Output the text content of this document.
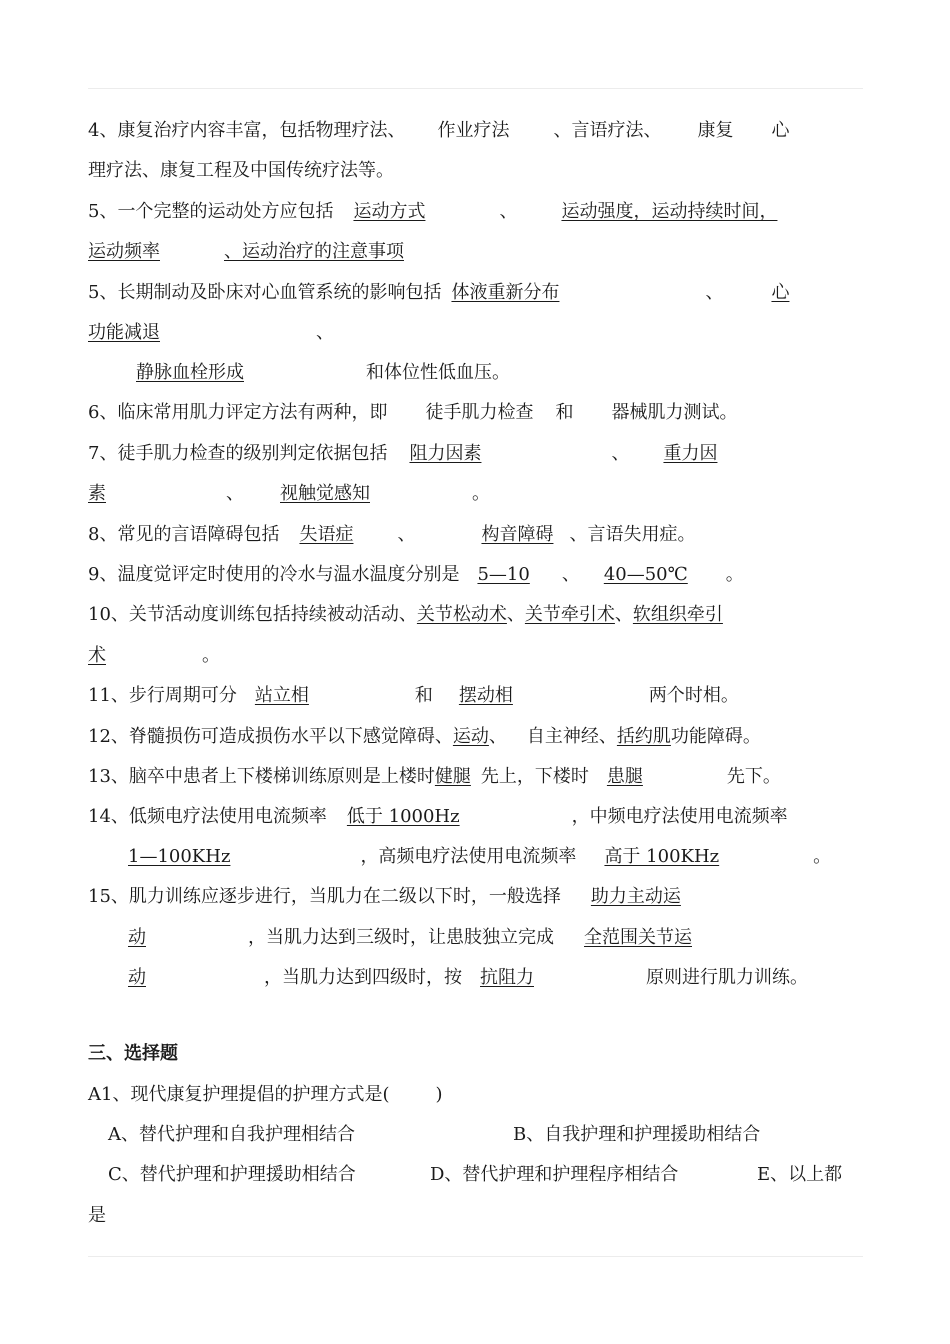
4、康复治疗内容丰富，包括物理疗法、 作业疗法 、言语疗法、 康复 心
理疗法、康复工程及中国传统疗法等。
5、一个完整的运动处方应包括 运动方式	、 运动强度，运动持续时间，
运动频率	、运动治疗的注意事项
5、长期制动及卧床对心血管系统的影响包括 体液重新分布	、	心
功能减退	、
静脉血栓形成	和体位性低血压。
6、临床常用肌力评定方法有两种，即 徒手肌力检查 和 器械肌力测试。
7、徒手肌力检查的级别判定依据包括 阻力因素	、 重力因
素	、 视触觉感知	。
8、常见的言语障碍包括 失语症 、	构音障碍 、言语失用症。
9、温度觉评定时使用的冷水与温水温度分别是 5—10 、 40—50℃ 。
10、关节活动度训练包括持续被动活动、关节松动术、关节牵引术、软组织牵引
术	。
11、步行周期可分 站立相	和 摆动相	两个时相。
12、脊髓损伤可造成损伤水平以下感觉障碍、运动、 自主神经、括约肌功能障碍。
13、脑卒中患者上下楼梯训练原则是上楼时健腿 先上，下楼时 患腿	先下。
14、低频电疗法使用电流频率 低于 1000Hz	，中频电疗法使用电流频率
1—100KHz	，高频电疗法使用电流频率 高于 100KHz	。
15、肌力训练应逐步进行，当肌力在二级以下时，一般选择 助力主动运
动	，当肌力达到三级时，让患肢独立完成 全范围关节运
动	，当肌力达到四级时，按 抗阻力	原则进行肌力训练。
三、选择题
A1、现代康复护理提倡的护理方式是(	)
A、替代护理和自我护理相结合	B、自我护理和护理援助相结合
C、替代护理和护理援助相结合	D、替代护理和护理程序相结合	E、以上都
是
